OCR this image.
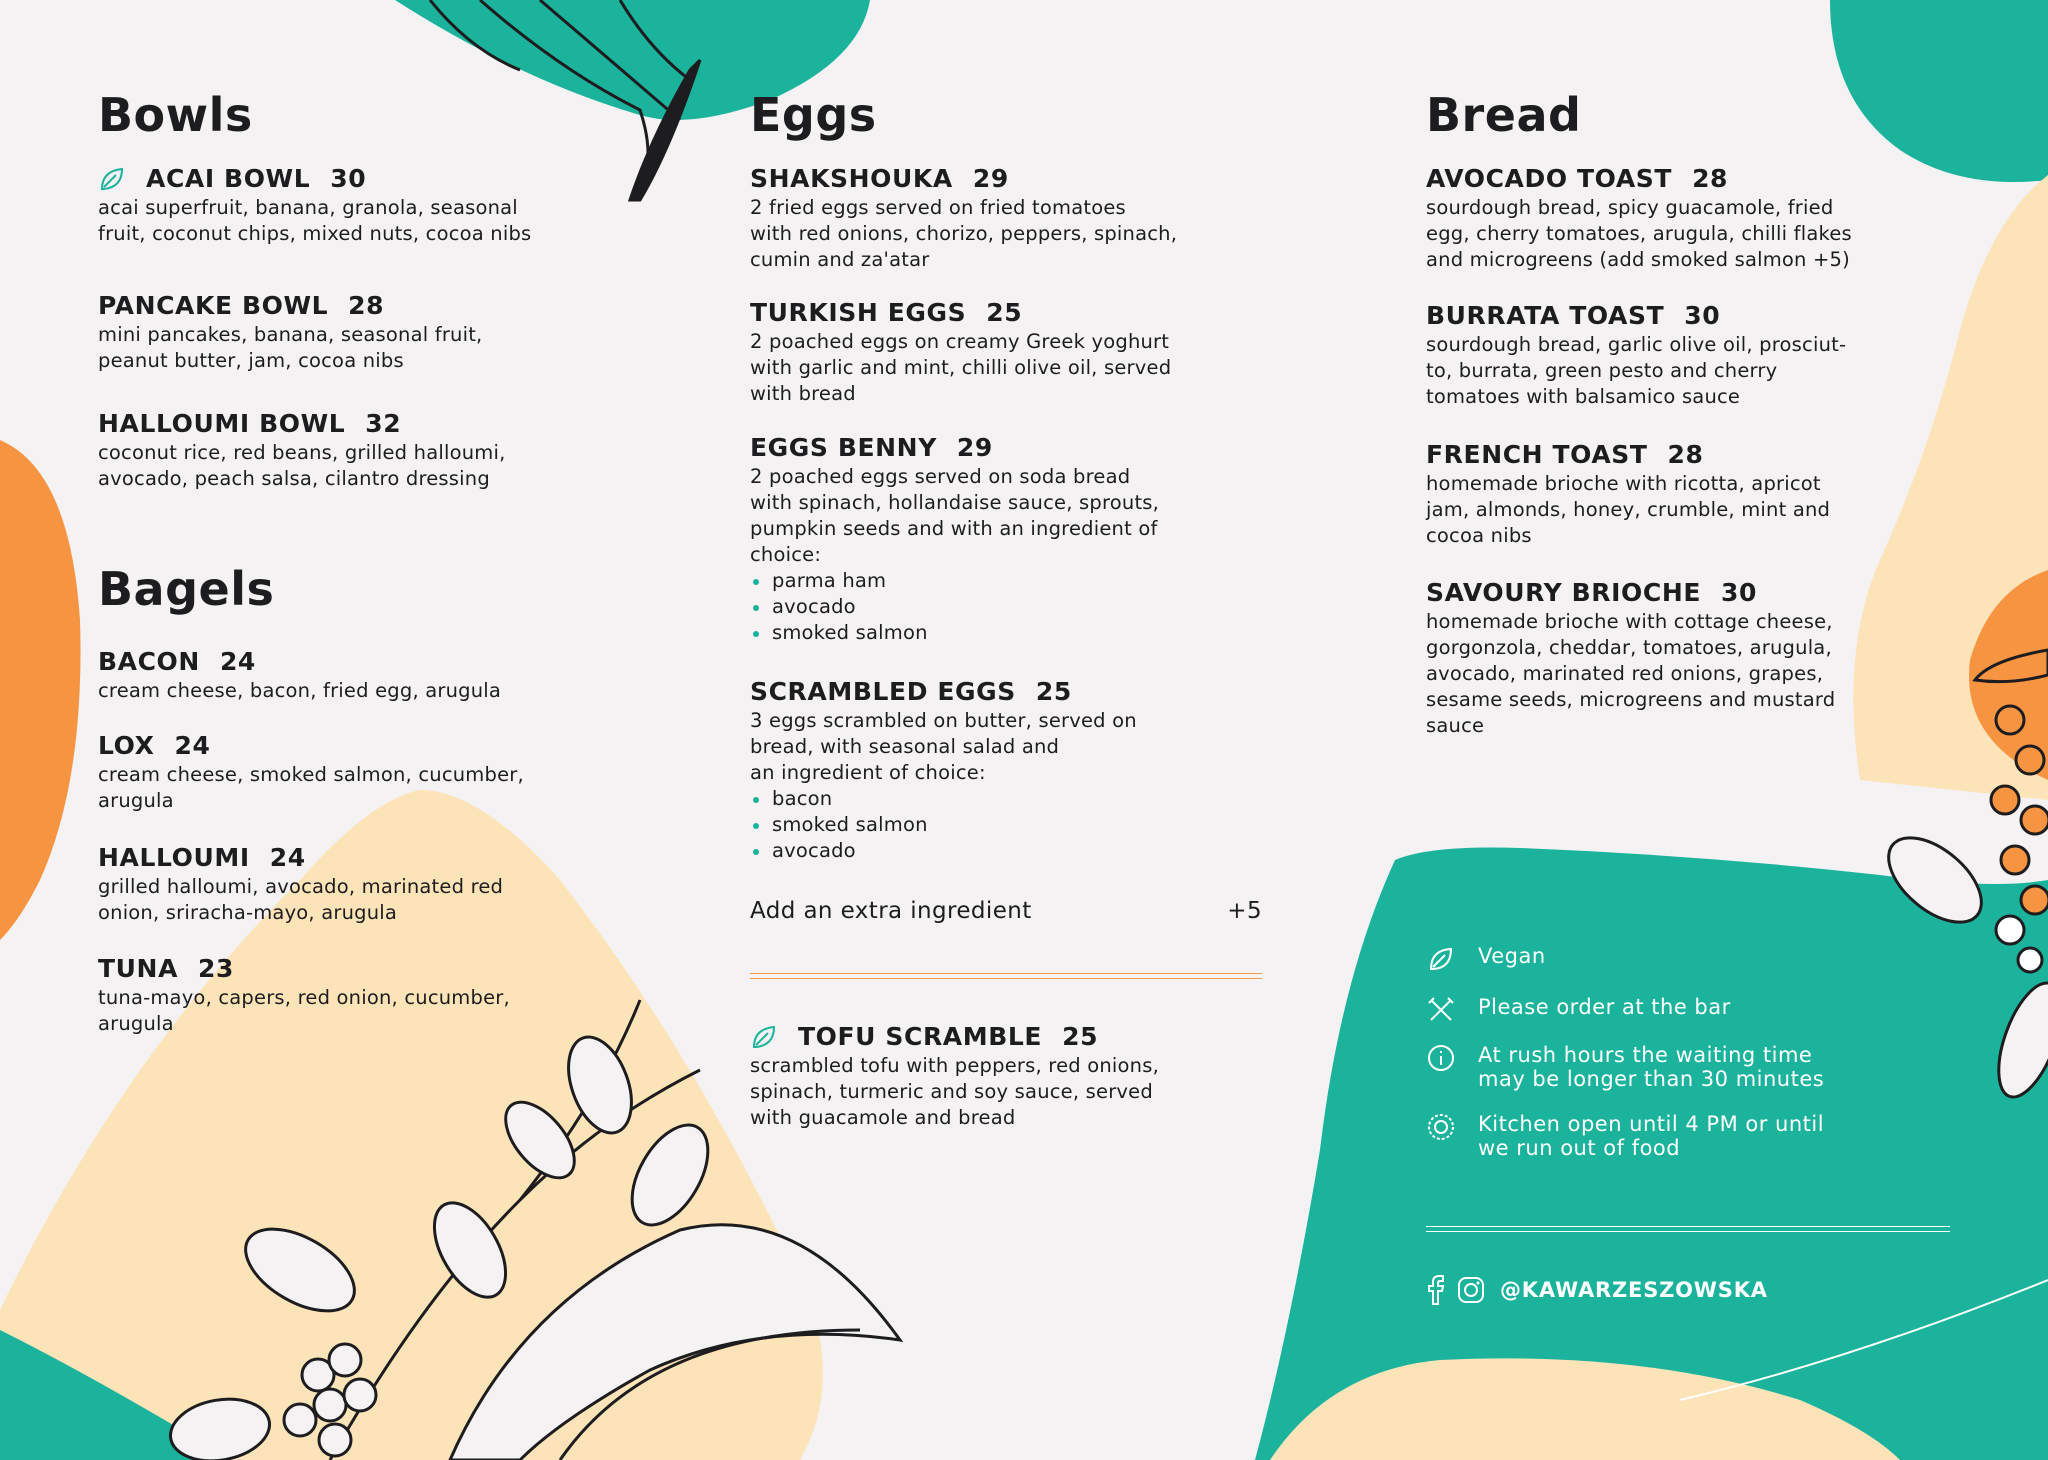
Bowls
ACAI BOWL 30
acai superfruit, banana, granola, seasonal
fruit, coconut chips, mixed nuts, cocoa nibs
PANCAKE BOWL 28
mini pancakes, banana, seasonal fruit,
peanut butter, jam, cocoa nibs
HALLOUMI BOWL 32
coconut rice, red beans, grilled halloumi,
avocado, peach salsa, cilantro dressing
Bagels
BACON 24
cream cheese, bacon, fried egg, arugula
LOX 24
cream cheese, smoked salmon, cucumber,
arugula
HALLOUMI 24
grilled halloumi, avocado, marinated red
onion, sriracha-mayo, arugula
TUNA 23
tuna-mayo, capers, red onion, cucumber,
arugula
Eggs
SHAKSHOUKA 29
2 fried eggs served on fried tomatoes
with red onions, chorizo, peppers, spinach,
cumin and za'atar
TURKISH EGGS 25
2 poached eggs on creamy Greek yoghurt
with garlic and mint, chilli olive oil, served
with bread
EGGS BENNY 29
2 poached eggs served on soda bread
with spinach, hollandaise sauce, sprouts,
pumpkin seeds and with an ingredient of
choice:
parma ham
avocado
smoked salmon
SCRAMBLED EGGS 25
3 eggs scrambled on butter, served on
bread, with seasonal salad and
an ingredient of choice:
bacon
smoked salmon
avocado
Add an extra ingredient	+5
TOFU SCRAMBLE 25
scrambled tofu with peppers, red onions,
spinach, turmeric and soy sauce, served
with guacamole and bread
Bread
AVOCADO TOAST 28
sourdough bread, spicy guacamole, fried
egg, cherry tomatoes, arugula, chilli flakes
and microgreens (add smoked salmon +5)
BURRATA TOAST 30
sourdough bread, garlic olive oil, prosciut-
to, burrata, green pesto and cherry
tomatoes with balsamico sauce
FRENCH TOAST 28
homemade brioche with ricotta, apricot
jam, almonds, honey, crumble, mint and
cocoa nibs
SAVOURY BRIOCHE 30
homemade brioche with cottage cheese,
gorgonzola, cheddar, tomatoes, arugula,
avocado, marinated red onions, grapes,
sesame seeds, microgreens and mustard
sauce
Vegan
Please order at the bar
At rush hours the waiting time
may be longer than 30 minutes
Kitchen open until 4 PM or until
we run out of food
@KAWARZESZOWSKA
